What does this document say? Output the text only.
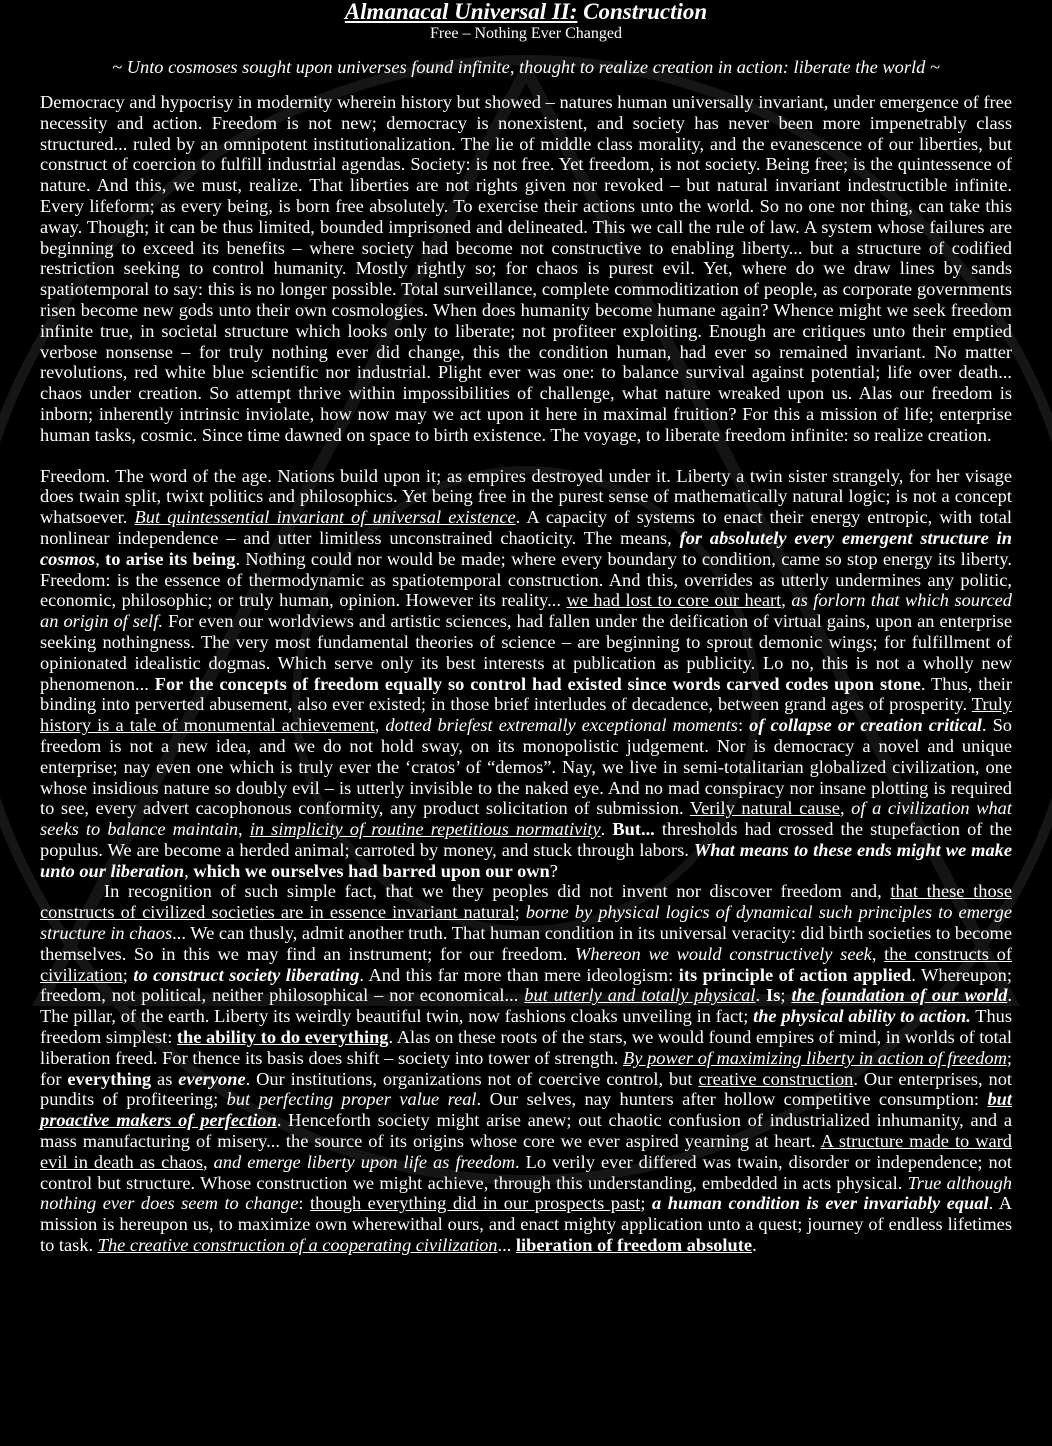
Almanacal Universal II: Construction

Free – Nothing Ever Changed

~ Unto cosmoses sought upon universes found infinite, thought to realize creation in action: liberate the world ~

Democracy and hypocrisy in modernity wherein history but showed – natures human universally invariant, under emergence of free necessity and action. Freedom is not new; democracy is nonexistent, and society has never been more impenetrably class structured... ruled by an omnipotent institutionalization. The lie of middle class morality, and the evanescence of our liberties, but construct of coercion to fulfill industrial agendas. Society: is not free. Yet freedom, is not society. Being free; is the quintessence of nature. And this, we must, realize. That liberties are not rights given nor revoked – but natural invariant indestructible infinite. Every lifeform; as every being, is born free absolutely. To exercise their actions unto the world. So no one nor thing, can take this away. Though; it can be thus limited, bounded imprisoned and delineated. This we call the rule of law. A system whose failures are beginning to exceed its benefits – where society had become not constructive to enabling liberty... but a structure of codified restriction seeking to control humanity. Mostly rightly so; for chaos is purest evil. Yet, where do we draw lines by sands spatiotemporal to say: this is no longer possible. Total surveillance, complete commoditization of people, as corporate governments risen become new gods unto their own cosmologies. When does humanity become humane again? Whence might we seek freedom infinite true, in societal structure which looks only to liberate; not profiteer exploiting. Enough are critiques unto their emptied verbose nonsense – for truly nothing ever did change, this the condition human, had ever so remained invariant. No matter revolutions, red white blue scientific nor industrial. Plight ever was one: to balance survival against potential; life over death... chaos under creation. So attempt thrive within impossibilities of challenge, what nature wreaked upon us. Alas our freedom is inborn; inherently intrinsic inviolate, how now may we act upon it here in maximal fruition? For this a mission of life; enterprise human tasks, cosmic. Since time dawned on space to birth existence. The voyage, to liberate freedom infinite: so realize creation.

Freedom. The word of the age. Nations build upon it; as empires destroyed under it. Liberty a twin sister strangely, for her visage does twain split, twixt politics and philosophics. Yet being free in the purest sense of mathematically natural logic; is not a concept whatsoever. But quintessential invariant of universal existence. A capacity of systems to enact their energy entropic, with total nonlinear independence – and utter limitless unconstrained chaoticity. The means, for absolutely every emergent structure in cosmos, to arise its being. Nothing could nor would be made; where every boundary to condition, came so stop energy its liberty. Freedom: is the essence of thermodynamic as spatiotemporal construction. And this, overrides as utterly undermines any politic, economic, philosophic; or truly human, opinion. However its reality... we had lost to core our heart, as forlorn that which sourced an origin of self. For even our worldviews and artistic sciences, had fallen under the deification of virtual gains, upon an enterprise seeking nothingness. The very most fundamental theories of science – are beginning to sprout demonic wings; for fulfillment of opinionated idealistic dogmas. Which serve only its best interests at publication as publicity. Lo no, this is not a wholly new phenomenon... For the concepts of freedom equally so control had existed since words carved codes upon stone. Thus, their binding into perverted abusement, also ever existed; in those brief interludes of decadence, between grand ages of prosperity. Truly history is a tale of monumental achievement, dotted briefest extremally exceptional moments: of collapse or creation critical. So freedom is not a new idea, and we do not hold sway, on its monopolistic judgement. Nor is democracy a novel and unique enterprise; nay even one which is truly ever the ‘cratos’ of “demos”. Nay, we live in semi-totalitarian globalized civilization, one whose insidious nature so doubly evil – is utterly invisible to the naked eye. And no mad conspiracy nor insane plotting is required to see, every advert cacophonous conformity, any product solicitation of submission. Verily natural cause, of a civilization what seeks to balance maintain, in simplicity of routine repetitious normativity. But... thresholds had crossed the stupefaction of the populus. We are become a herded animal; carroted by money, and stuck through labors. What means to these ends might we make unto our liberation, which we ourselves had barred upon our own?

In recognition of such simple fact, that we they peoples did not invent nor discover freedom and, that these those constructs of civilized societies are in essence invariant natural; borne by physical logics of dynamical such principles to emerge structure in chaos... We can thusly, admit another truth. That human condition in its universal veracity: did birth societies to become themselves. So in this we may find an instrument; for our freedom. Whereon we would constructively seek, the constructs of civilization; to construct society liberating. And this far more than mere ideologism: its principle of action applied. Whereupon; freedom, not political, neither philosophical – nor economical... but utterly and totally physical. Is; the foundation of our world. The pillar, of the earth. Liberty its weirdly beautiful twin, now fashions cloaks unveiling in fact; the physical ability to action. Thus freedom simplest: the ability to do everything. Alas on these roots of the stars, we would found empires of mind, in worlds of total liberation freed. For thence its basis does shift – society into tower of strength. By power of maximizing liberty in action of freedom; for everything as everyone. Our institutions, organizations not of coercive control, but creative construction. Our enterprises, not pundits of profiteering; but perfecting proper value real. Our selves, nay hunters after hollow competitive consumption: but proactive makers of perfection. Henceforth society might arise anew; out chaotic confusion of industrialized inhumanity, and a mass manufacturing of misery... the source of its origins whose core we ever aspired yearning at heart. A structure made to ward evil in death as chaos, and emerge liberty upon life as freedom. Lo verily ever differed was twain, disorder or independence; not control but structure. Whose construction we might achieve, through this understanding, embedded in acts physical. True although nothing ever does seem to change: though everything did in our prospects past; a human condition is ever invariably equal. A mission is hereupon us, to maximize own wherewithal ours, and enact mighty application unto a quest; journey of endless lifetimes to task. The creative construction of a cooperating civilization... liberation of freedom absolute.
